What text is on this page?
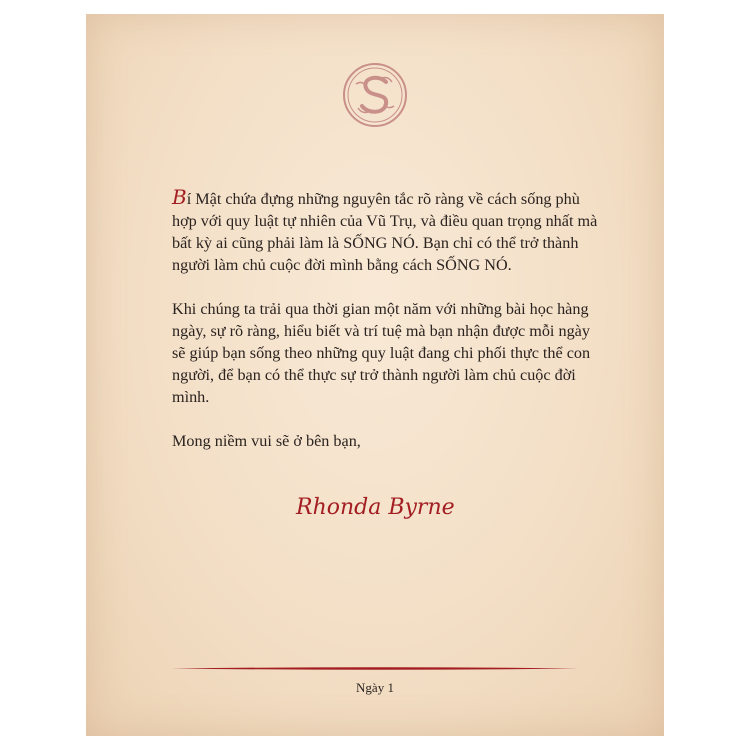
Bí Mật chứa đựng những nguyên tắc rõ ràng về cách sống phù hợp với quy luật tự nhiên của Vũ Trụ, và điều quan trọng nhất mà bất kỳ ai cũng phải làm là SỐNG NÓ. Bạn chỉ có thể trở thành người làm chủ cuộc đời mình bằng cách SỐNG NÓ.

Khi chúng ta trải qua thời gian một năm với những bài học hàng ngày, sự rõ ràng, hiểu biết và trí tuệ mà bạn nhận được mỗi ngày sẽ giúp bạn sống theo những quy luật đang chi phối thực thể con người, để bạn có thể thực sự trở thành người làm chủ cuộc đời mình.

Mong niềm vui sẽ ở bên bạn,

Rhonda Byrne
Ngày 1
